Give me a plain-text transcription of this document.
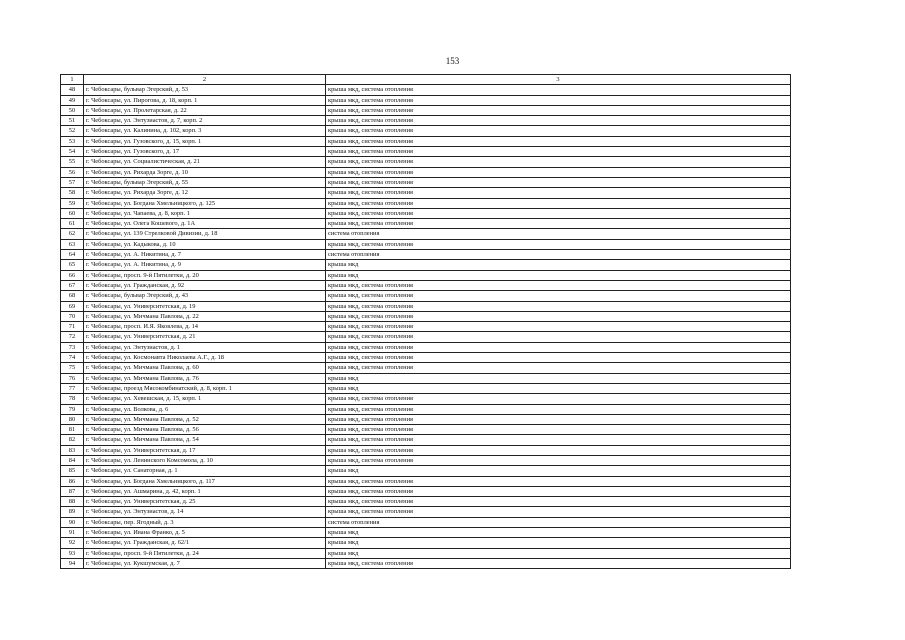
153
1	2	3
48	г. Чебоксары, бульвар Эгерский, д. 53	крыша мкд, система отопления
49	г. Чебоксары, ул. Пирогова, д. 18, корп. 1	крыша мкд, система отопления
50	г. Чебоксары, ул. Пролетарская, д. 22	крыша мкд, система отопления
51	г. Чебоксары, ул. Энтузиастов, д. 7, корп. 2	крыша мкд, система отопления
52	г. Чебоксары, ул. Калинина, д. 102, корп. 3	крыша мкд, система отопления
53	г. Чебоксары, ул. Гузовского, д. 15, корп. 1	крыша мкд, система отопления
54	г. Чебоксары, ул. Гузовского, д. 17	крыша мкд, система отопления
55	г. Чебоксары, ул. Социалистическая, д. 21	крыша мкд, система отопления
56	г. Чебоксары, ул. Рихарда Зорге, д. 10	крыша мкд, система отопления
57	г. Чебоксары, бульвар Эгерский, д. 55	крыша мкд, система отопления
58	г. Чебоксары, ул. Рихарда Зорге, д. 12	крыша мкд, система отопления
59	г. Чебоксары, ул. Богдана Хмельницкого, д. 125	крыша мкд, система отопления
60	г. Чебоксары, ул. Чапаева, д. 8, корп. 1	крыша мкд, система отопления
61	г. Чебоксары, ул. Олега Кошевого, д. 1А	крыша мкд, система отопления
62	г. Чебоксары, ул. 139 Стрелковой Дивизии, д. 18	система отопления
63	г. Чебоксары, ул. Кадыкова, д. 10	крыша мкд, система отопления
64	г. Чебоксары, ул. А. Никитина, д. 7	система отопления
65	г. Чебоксары, ул. А. Никитина, д. 9	крыша мкд
66	г. Чебоксары, просп. 9-й Пятилетки, д. 20	крыша мкд
67	г. Чебоксары, ул. Гражданская, д. 92	крыша мкд, система отопления
68	г. Чебоксары, бульвар Эгерский, д. 43	крыша мкд, система отопления
69	г. Чебоксары, ул. Университетская, д. 19	крыша мкд, система отопления
70	г. Чебоксары, ул. Мичмана Павлова, д. 22	крыша мкд, система отопления
71	г. Чебоксары, просп. И.Я. Яковлева, д. 14	крыша мкд, система отопления
72	г. Чебоксары, ул. Университетская, д. 21	крыша мкд, система отопления
73	г. Чебоксары, ул. Энтузиастов, д. 1	крыша мкд, система отопления
74	г. Чебоксары, ул. Космонавта Николаева А.Г., д. 18	крыша мкд, система отопления
75	г. Чебоксары, ул. Мичмана Павлова, д. 60	крыша мкд, система отопления
76	г. Чебоксары, ул. Мичмана Павлова, д. 76	крыша мкд
77	г. Чебоксары, проезд Мясокомбинатский, д. 8, корп. 1	крыша мкд
78	г. Чебоксары, ул. Хевешская, д. 15, корп. 1	крыша мкд, система отопления
79	г. Чебоксары, ул. Волкова, д. 6	крыша мкд, система отопления
80	г. Чебоксары, ул. Мичмана Павлова, д. 52	крыша мкд, система отопления
81	г. Чебоксары, ул. Мичмана Павлова, д. 56	крыша мкд, система отопления
82	г. Чебоксары, ул. Мичмана Павлова, д. 54	крыша мкд, система отопления
83	г. Чебоксары, ул. Университетская, д. 17	крыша мкд, система отопления
84	г. Чебоксары, ул. Ленинского Комсомола, д. 10	крыша мкд, система отопления
85	г. Чебоксары, ул. Санаторная, д. 1	крыша мкд
86	г. Чебоксары, ул. Богдана Хмельницкого, д. 117	крыша мкд, система отопления
87	г. Чебоксары, ул. Ашмарина, д. 42, корп. 1	крыша мкд, система отопления
88	г. Чебоксары, ул. Университетская, д. 25	крыша мкд, система отопления
89	г. Чебоксары, ул. Энтузиастов, д. 14	крыша мкд, система отопления
90	г. Чебоксары, пер. Ягодный, д. 3	система отопления
91	г. Чебоксары, ул. Ивана Франко, д. 5	крыша мкд
92	г. Чебоксары, ул. Гражданская, д. 62/1	крыша мкд
93	г. Чебоксары, просп. 9-й Пятилетки, д. 24	крыша мкд
94	г. Чебоксары, ул. Кукшумская, д. 7	крыша мкд, система отопления
